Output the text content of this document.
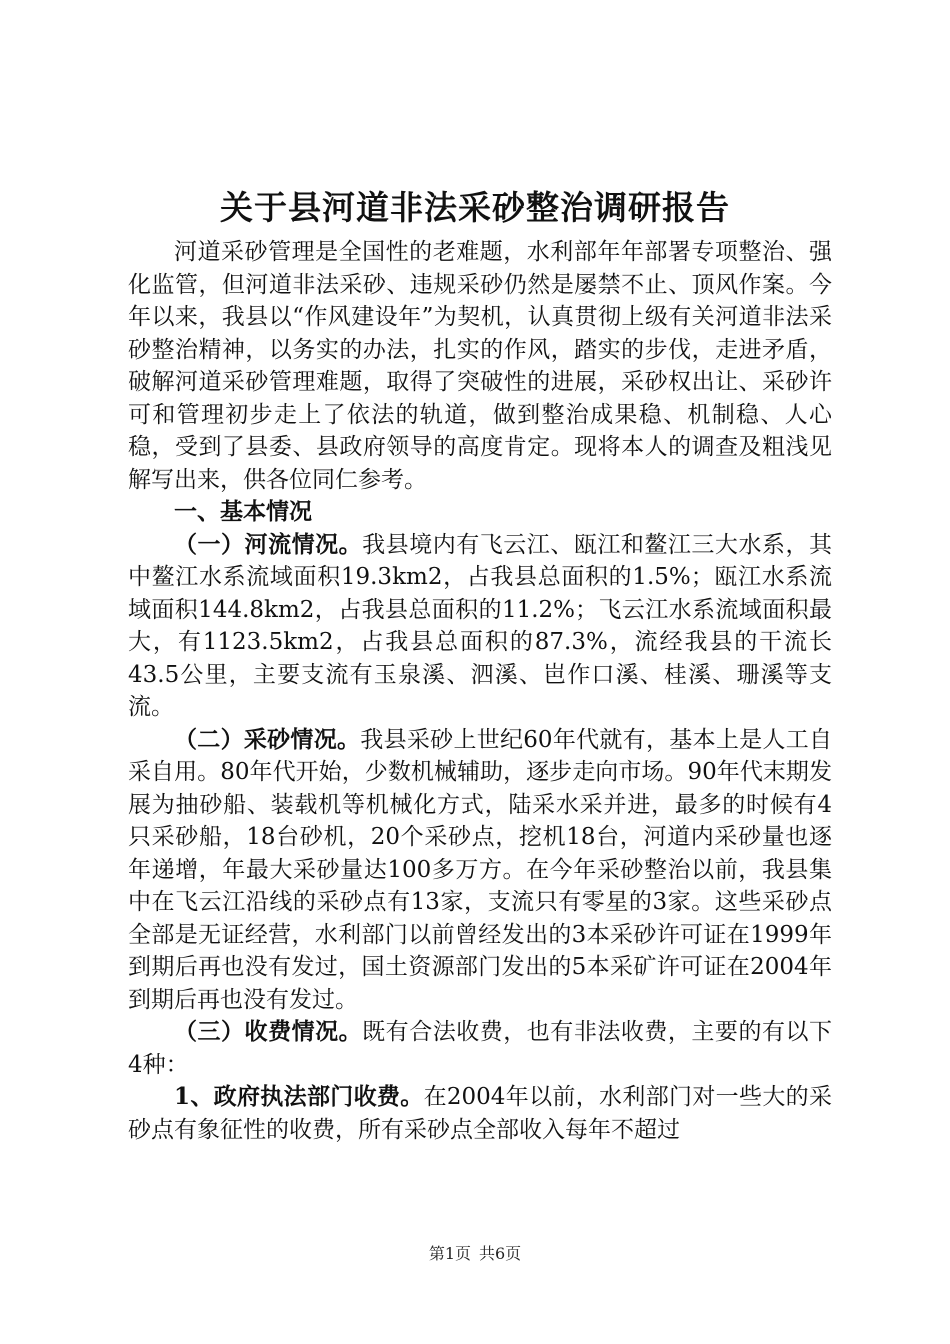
关于县河道非法采砂整治调研报告

河道采砂管理是全国性的老难题，水利部年年部署专项整治、强化监管，但河道非法采砂、违规采砂仍然是屡禁不止、顶风作案。今年以来，我县以“作风建设年”为契机，认真贯彻上级有关河道非法采砂整治精神，以务实的办法，扎实的作风，踏实的步伐，走进矛盾，破解河道采砂管理难题，取得了突破性的进展，采砂权出让、采砂许可和管理初步走上了依法的轨道，做到整治成果稳、机制稳、人心稳，受到了县委、县政府领导的高度肯定。现将本人的调查及粗浅见解写出来，供各位同仁参考。

一、基本情况

（一）河流情况。我县境内有飞云江、瓯江和鳌江三大水系，其中鳌江水系流域面积19.3km2，占我县总面积的1.5%；瓯江水系流域面积144.8km2，占我县总面积的11.2%；飞云江水系流域面积最大，有1123.5km2，占我县总面积的87.3%，流经我县的干流长43.5公里，主要支流有玉泉溪、泗溪、岜作口溪、桂溪、珊溪等支流。

（二）采砂情况。我县采砂上世纪60年代就有，基本上是人工自采自用。80年代开始，少数机械辅助，逐步走向市场。90年代末期发展为抽砂船、装载机等机械化方式，陆采水采并进，最多的时候有4只采砂船，18台砂机，20个采砂点，挖机18台，河道内采砂量也逐年递增，年最大采砂量达100多万方。在今年采砂整治以前，我县集中在飞云江沿线的采砂点有13家，支流只有零星的3家。这些采砂点全部是无证经营，水利部门以前曾经发出的3本采砂许可证在1999年到期后再也没有发过，国土资源部门发出的5本采矿许可证在2004年到期后再也没有发过。

（三）收费情况。既有合法收费，也有非法收费，主要的有以下4种：

1、政府执法部门收费。在2004年以前，水利部门对一些大的采砂点有象征性的收费，所有采砂点全部收入每年不超过

第1页 共6页
